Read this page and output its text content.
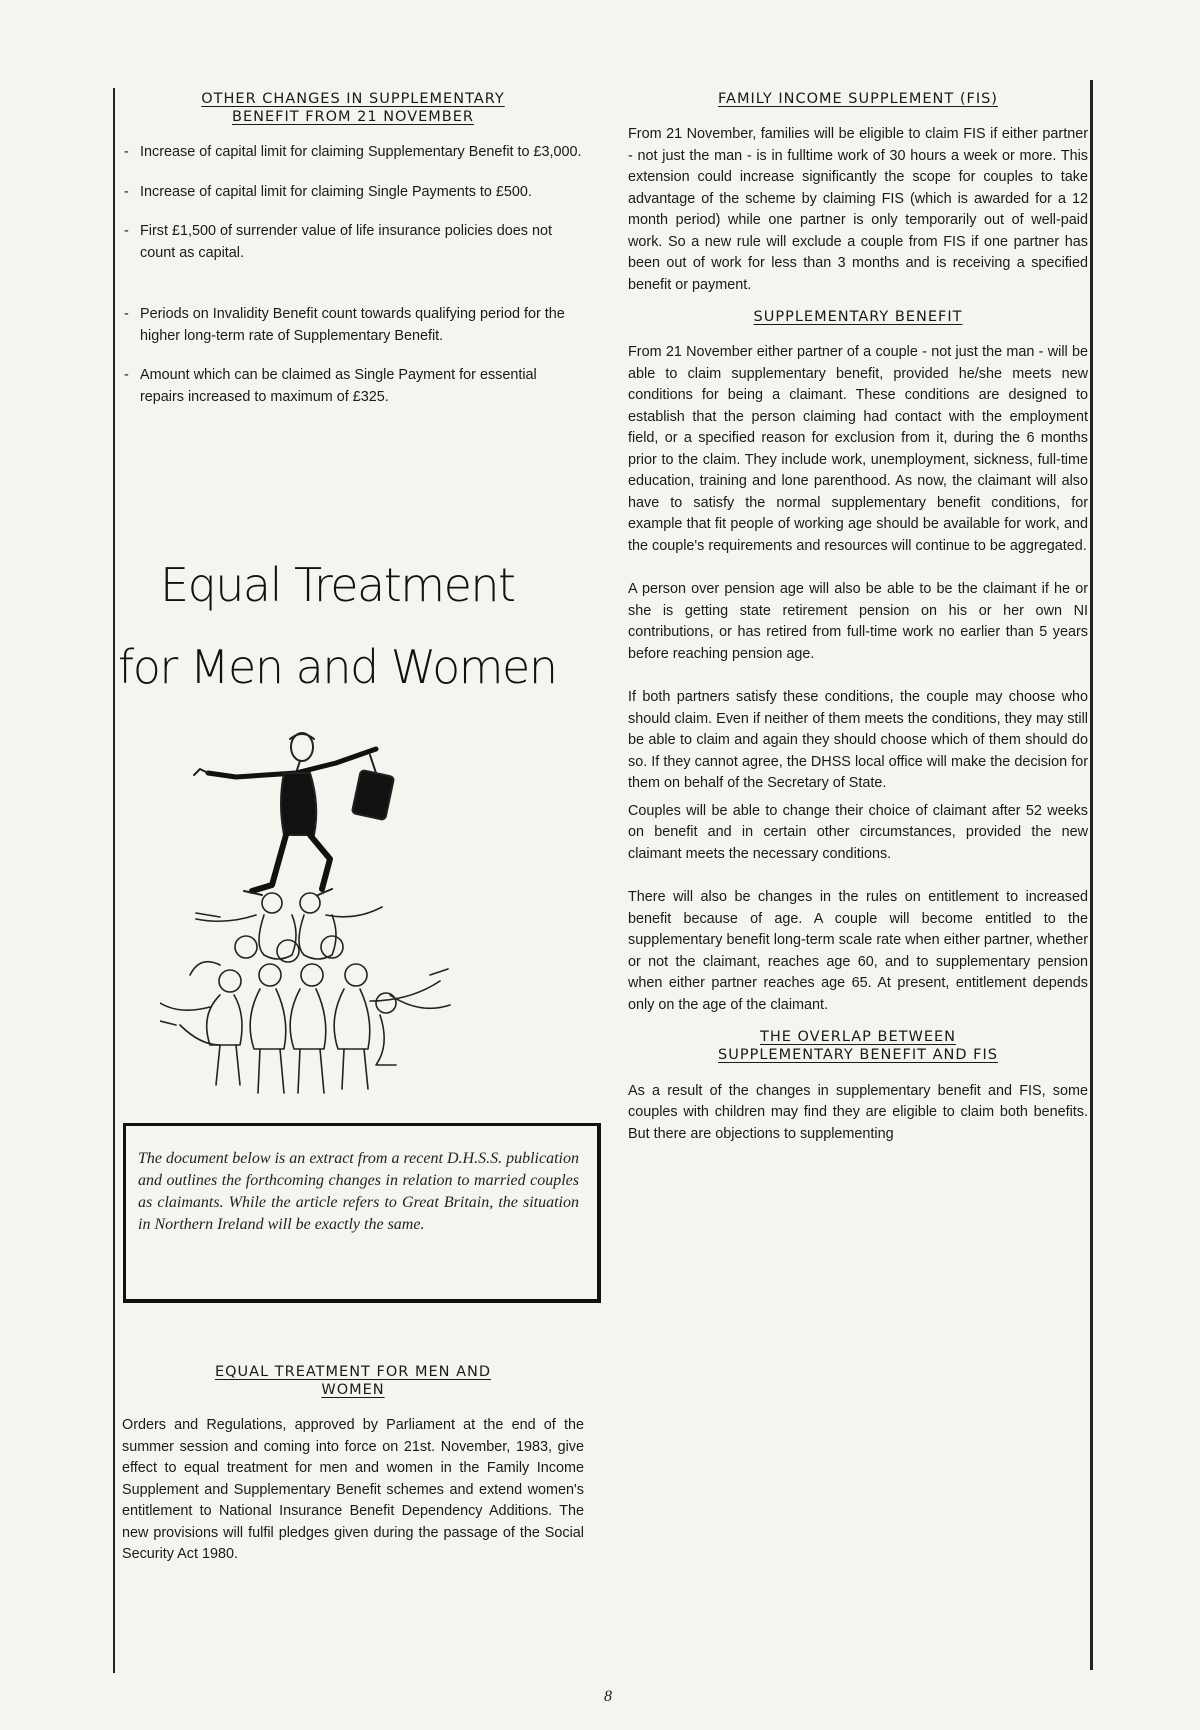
OTHER CHANGES IN SUPPLEMENTARY
BENEFIT FROM 21 NOVEMBER
- Increase of capital limit for claiming Supplementary Benefit to £3,000.
- Increase of capital limit for claiming Single Payments to £500.
- First £1,500 of surrender value of life insurance policies does not count as capital.
- Periods on Invalidity Benefit count towards qualifying period for the higher long-term rate of Supplementary Benefit.
- Amount which can be claimed as Single Payment for essential repairs increased to maximum of £325.
Equal Treatment
for Men and Women

The document below is an extract from a recent D.H.S.S. publication and outlines the forthcoming changes in relation to married couples as claimants. While the article refers to Great Britain, the situation in Northern Ireland will be exactly the same.

EQUAL TREATMENT FOR MEN AND
WOMEN

Orders and Regulations, approved by Parliament at the end of the summer session and coming into force on 21st. November, 1983, give effect to equal treatment for men and women in the Family Income Supplement and Supplementary Benefit schemes and extend women's entitlement to National Insurance Benefit Dependency Additions. The new provisions will fulfil pledges given during the passage of the Social Security Act 1980.

FAMILY INCOME SUPPLEMENT (FIS)

From 21 November, families will be eligible to claim FIS if either partner - not just the man - is in fulltime work of 30 hours a week or more. This extension could increase significantly the scope for couples to take advantage of the scheme by claiming FIS (which is awarded for a 12 month period) while one partner is only temporarily out of well-paid work. So a new rule will exclude a couple from FIS if one partner has been out of work for less than 3 months and is receiving a specified benefit or payment.

SUPPLEMENTARY BENEFIT

From 21 November either partner of a couple - not just the man - will be able to claim supplementary benefit, provided he/she meets new conditions for being a claimant. These conditions are designed to establish that the person claiming had contact with the employment field, or a specified reason for exclusion from it, during the 6 months prior to the claim. They include work, unemployment, sickness, full-time education, training and lone parenthood. As now, the claimant will also have to satisfy the normal supplementary benefit conditions, for example that fit people of working age should be available for work, and the couple's requirements and resources will continue to be aggregated.

A person over pension age will also be able to be the claimant if he or she is getting state retirement pension on his or her own NI contributions, or has retired from full-time work no earlier than 5 years before reaching pension age.

If both partners satisfy these conditions, the couple may choose who should claim. Even if neither of them meets the conditions, they may still be able to claim and again they should choose which of them should do so. If they cannot agree, the DHSS local office will make the decision for them on behalf of the Secretary of State.

Couples will be able to change their choice of claimant after 52 weeks on benefit and in certain other circumstances, provided the new claimant meets the necessary conditions.

There will also be changes in the rules on entitlement to increased benefit because of age. A couple will become entitled to the supplementary benefit long-term scale rate when either partner, whether or not the claimant, reaches age 60, and to supplementary pension when either partner reaches age 65. At present, entitlement depends only on the age of the claimant.

THE OVERLAP BETWEEN
SUPPLEMENTARY BENEFIT AND FIS

As a result of the changes in supplementary benefit and FIS, some couples with children may find they are eligible to claim both benefits. But there are objections to supplementing

8
